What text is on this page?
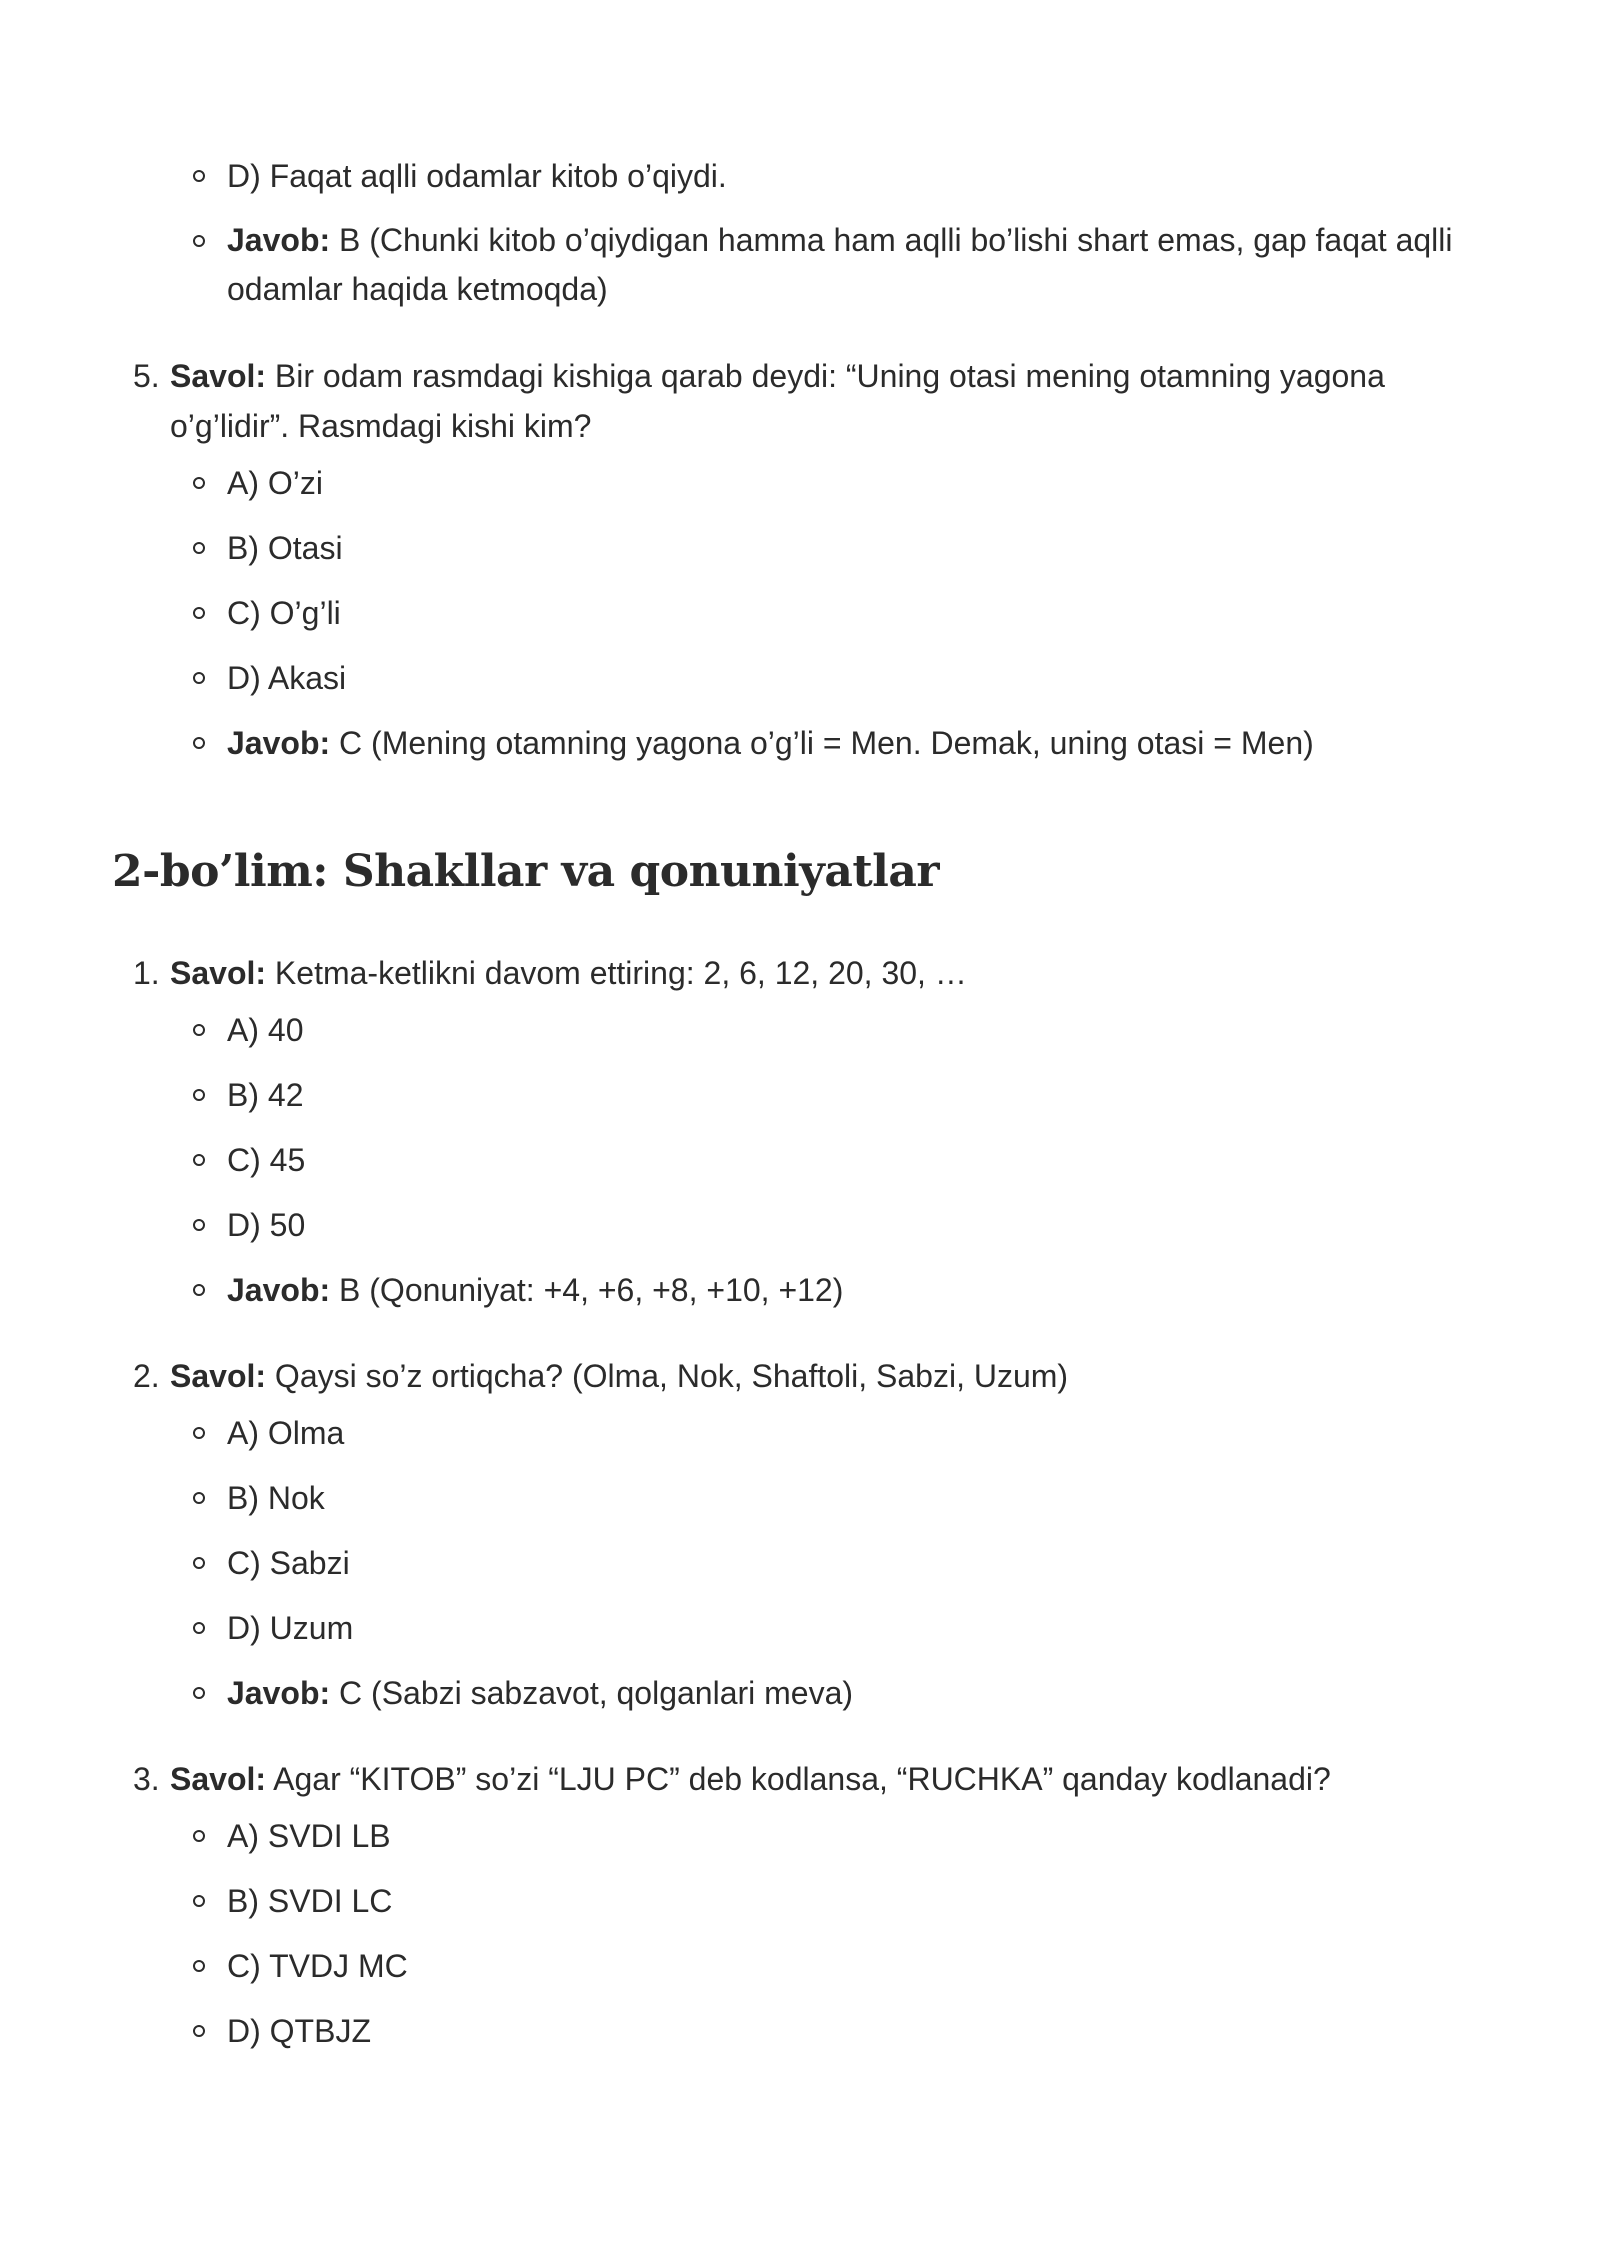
D) Faqat aqlli odamlar kitob o’qiydi.
Javob: B (Chunki kitob o’qiydigan hamma ham aqlli bo’lishi shart emas, gap faqat aqlli odamlar haqida ketmoqda)

5. Savol: Bir odam rasmdagi kishiga qarab deydi: “Uning otasi mening otamning yagona o’g’lidir”. Rasmdagi kishi kim?

A) O’zi
B) Otasi
C) O’g’li
D) Akasi
Javob: C (Mening otamning yagona o’g’li = Men. Demak, uning otasi = Men)
2-bo’lim: Shakllar va qonuniyatlar

1. Savol: Ketma-ketlikni davom ettiring: 2, 6, 12, 20, 30, …

A) 40
B) 42
C) 45
D) 50
Javob: B (Qonuniyat: +4, +6, +8, +10, +12)

2. Savol: Qaysi so’z ortiqcha? (Olma, Nok, Shaftoli, Sabzi, Uzum)

A) Olma
B) Nok
C) Sabzi
D) Uzum
Javob: C (Sabzi sabzavot, qolganlari meva)

3. Savol: Agar “KITOB” so’zi “LJU PC” deb kodlansa, “RUCHKA” qanday kodlanadi?

A) SVDI LB
B) SVDI LC
C) TVDJ MC
D) QTBJZ
